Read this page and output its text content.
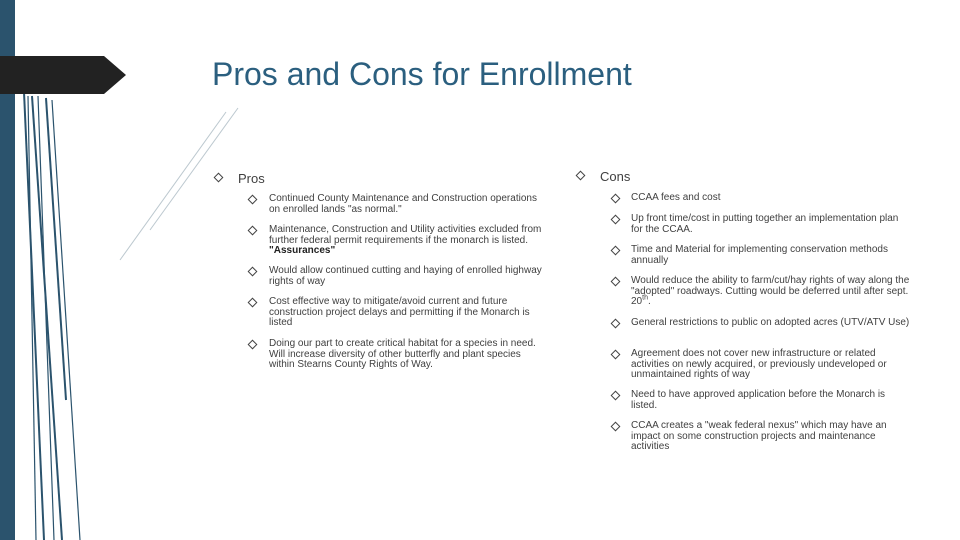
Pros and Cons for Enrollment
Pros
Continued County Maintenance and Construction operations on enrolled lands "as normal."
Maintenance, Construction and Utility activities excluded from further federal permit requirements if the monarch is listed. "Assurances"
Would allow continued cutting and haying of enrolled highway rights of way
Cost effective way to mitigate/avoid current and future construction project delays and permitting if the Monarch is listed
Doing our part to create critical habitat for a species in need. Will increase diversity of other butterfly and plant species within Stearns County Rights of Way.
Cons
CCAA fees and cost
Up front time/cost in putting together an implementation plan for the CCAA.
Time and Material for implementing conservation methods annually
Would reduce the ability to farm/cut/hay rights of way along the "adopted" roadways. Cutting would be deferred until after sept. 20th.
General restrictions to public on adopted acres (UTV/ATV Use)
Agreement does not cover new infrastructure or related activities on newly acquired, or previously undeveloped or unmaintained rights of way
Need to have approved application before the Monarch is listed.
CCAA creates a "weak federal nexus" which may have an impact on some construction projects and maintenance activities
